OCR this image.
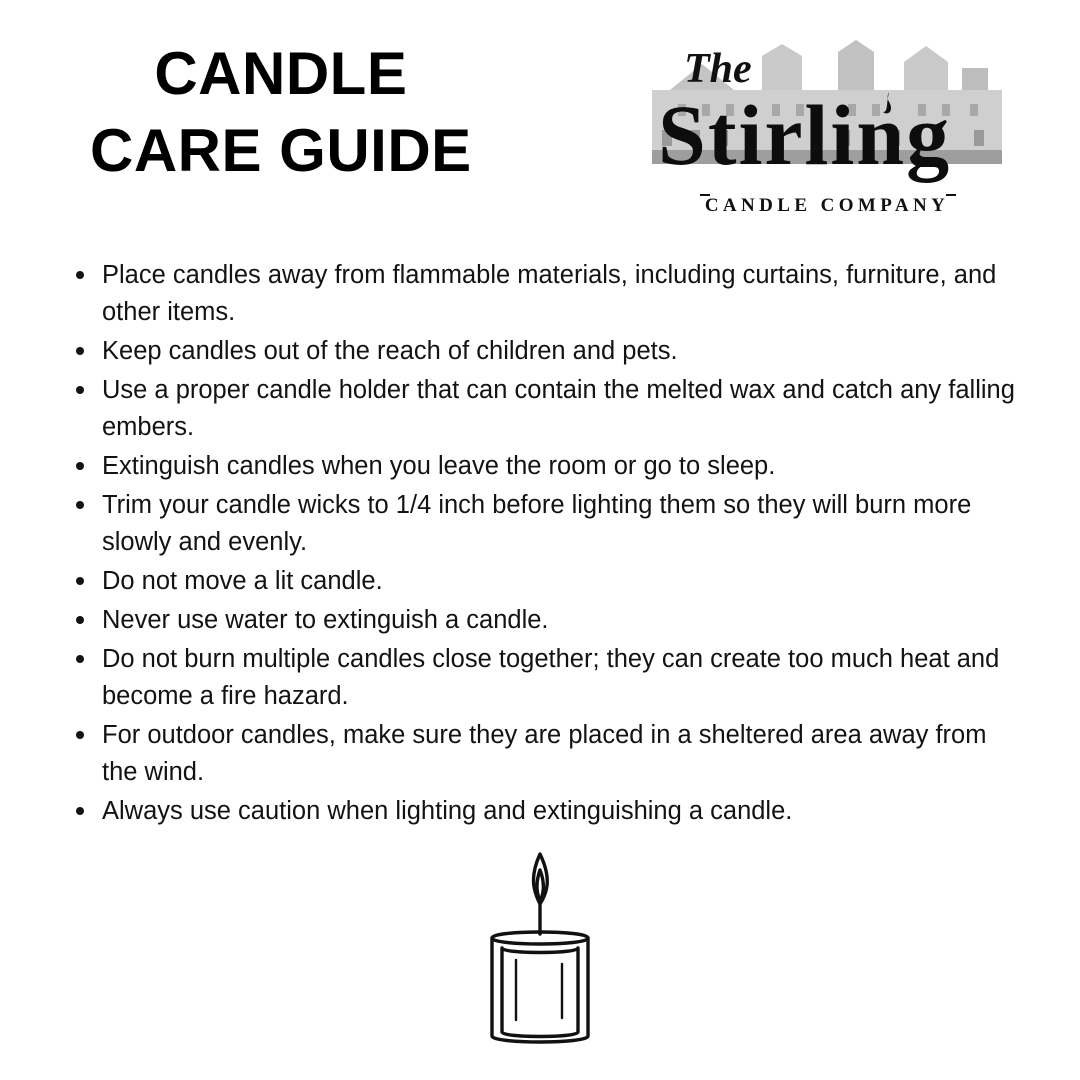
CANDLE
CARE GUIDE
The
Stirling
CANDLE COMPANY
Place candles away from flammable materials, including curtains, furniture, and other items.
Keep candles out of the reach of children and pets.
Use a proper candle holder that can contain the melted wax and catch any falling embers.
Extinguish candles when you leave the room or go to sleep.
Trim your candle wicks to 1/4 inch before lighting them so they will burn more slowly and evenly.
Do not move a lit candle.
Never use water to extinguish a candle.
Do not burn multiple candles close together; they can create too much heat and become a fire hazard.
For outdoor candles, make sure they are placed in a sheltered area away from the wind.
Always use caution when lighting and extinguishing a candle.
